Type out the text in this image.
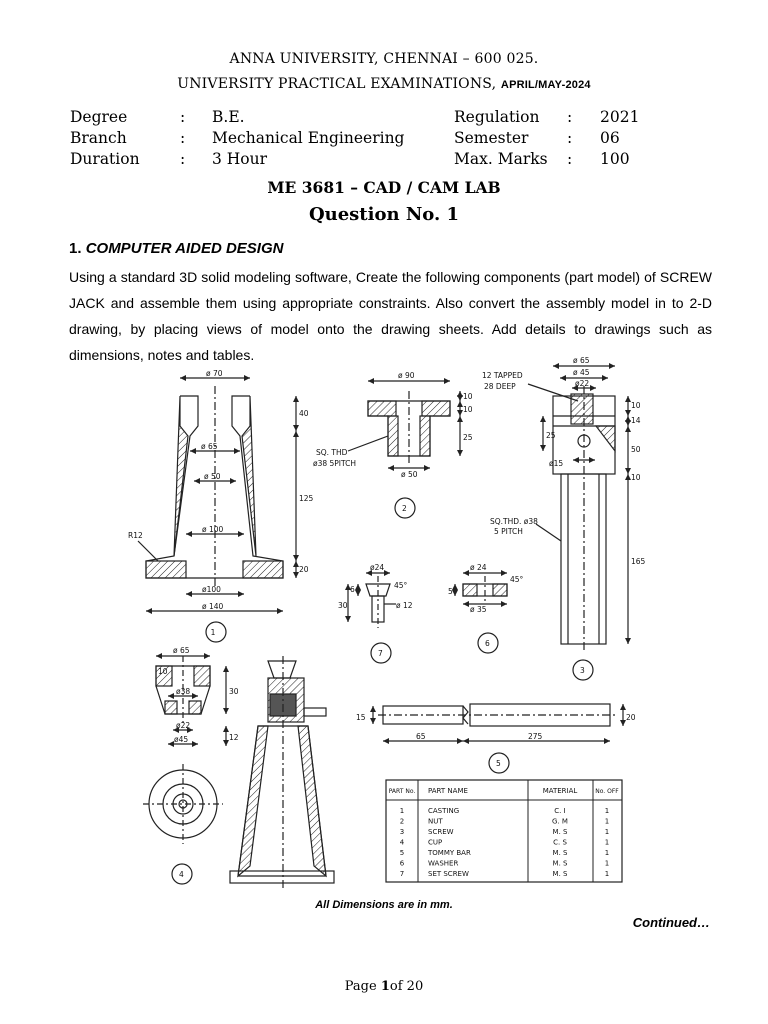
ANNA UNIVERSITY, CHENNAI – 600 025.
UNIVERSITY PRACTICAL EXAMINATIONS, APRIL/MAY-2024
Degree	: B.E.	Regulation : 2021
Branch	: Mechanical Engineering	Semester : 06
Duration	: 3 Hour	Max. Marks : 100
ME 3681 – CAD / CAM LAB
Question No. 1
1. COMPUTER AIDED DESIGN

Using a standard 3D solid modeling software, Create the following components (part model) of SCREW JACK and assemble them using appropriate constraints. Also convert the assembly model in to 2-D drawing, by placing views of model onto the drawing sheets. Add details to drawings such as dimensions, notes and tables.

ø 70
ø 65
ø 50
ø 100
ø100
ø 140
40
125
20
R12
1
ø 90
ø 50
10
10
25
SQ. THD
ø38 5PITCH
2
ø 65
ø 45
ø22
ø15
12 TAPPED
28 DEEP
SQ.THD. ø38
5 PITCH
10
14
25
50
10
165
3
ø 65
10
ø38
ø22
ø45
30
12
4
15
65	275
20
5
ø 24
45°
ø 35
5
6
ø24
45°
ø 12
30
6
7
PART No. PART NAME	MATERIAL	No. OFF
1	CASTING	C. I	1
2	NUT	G. M	1
3	SCREW	M. S	1
4	CUP	C. S	1
5	TOMMY BAR	M. S	1
6	WASHER	M. S	1
7	SET SCREW	M. S	1
All Dimensions are in mm.
Continued…
Page 1of 20
